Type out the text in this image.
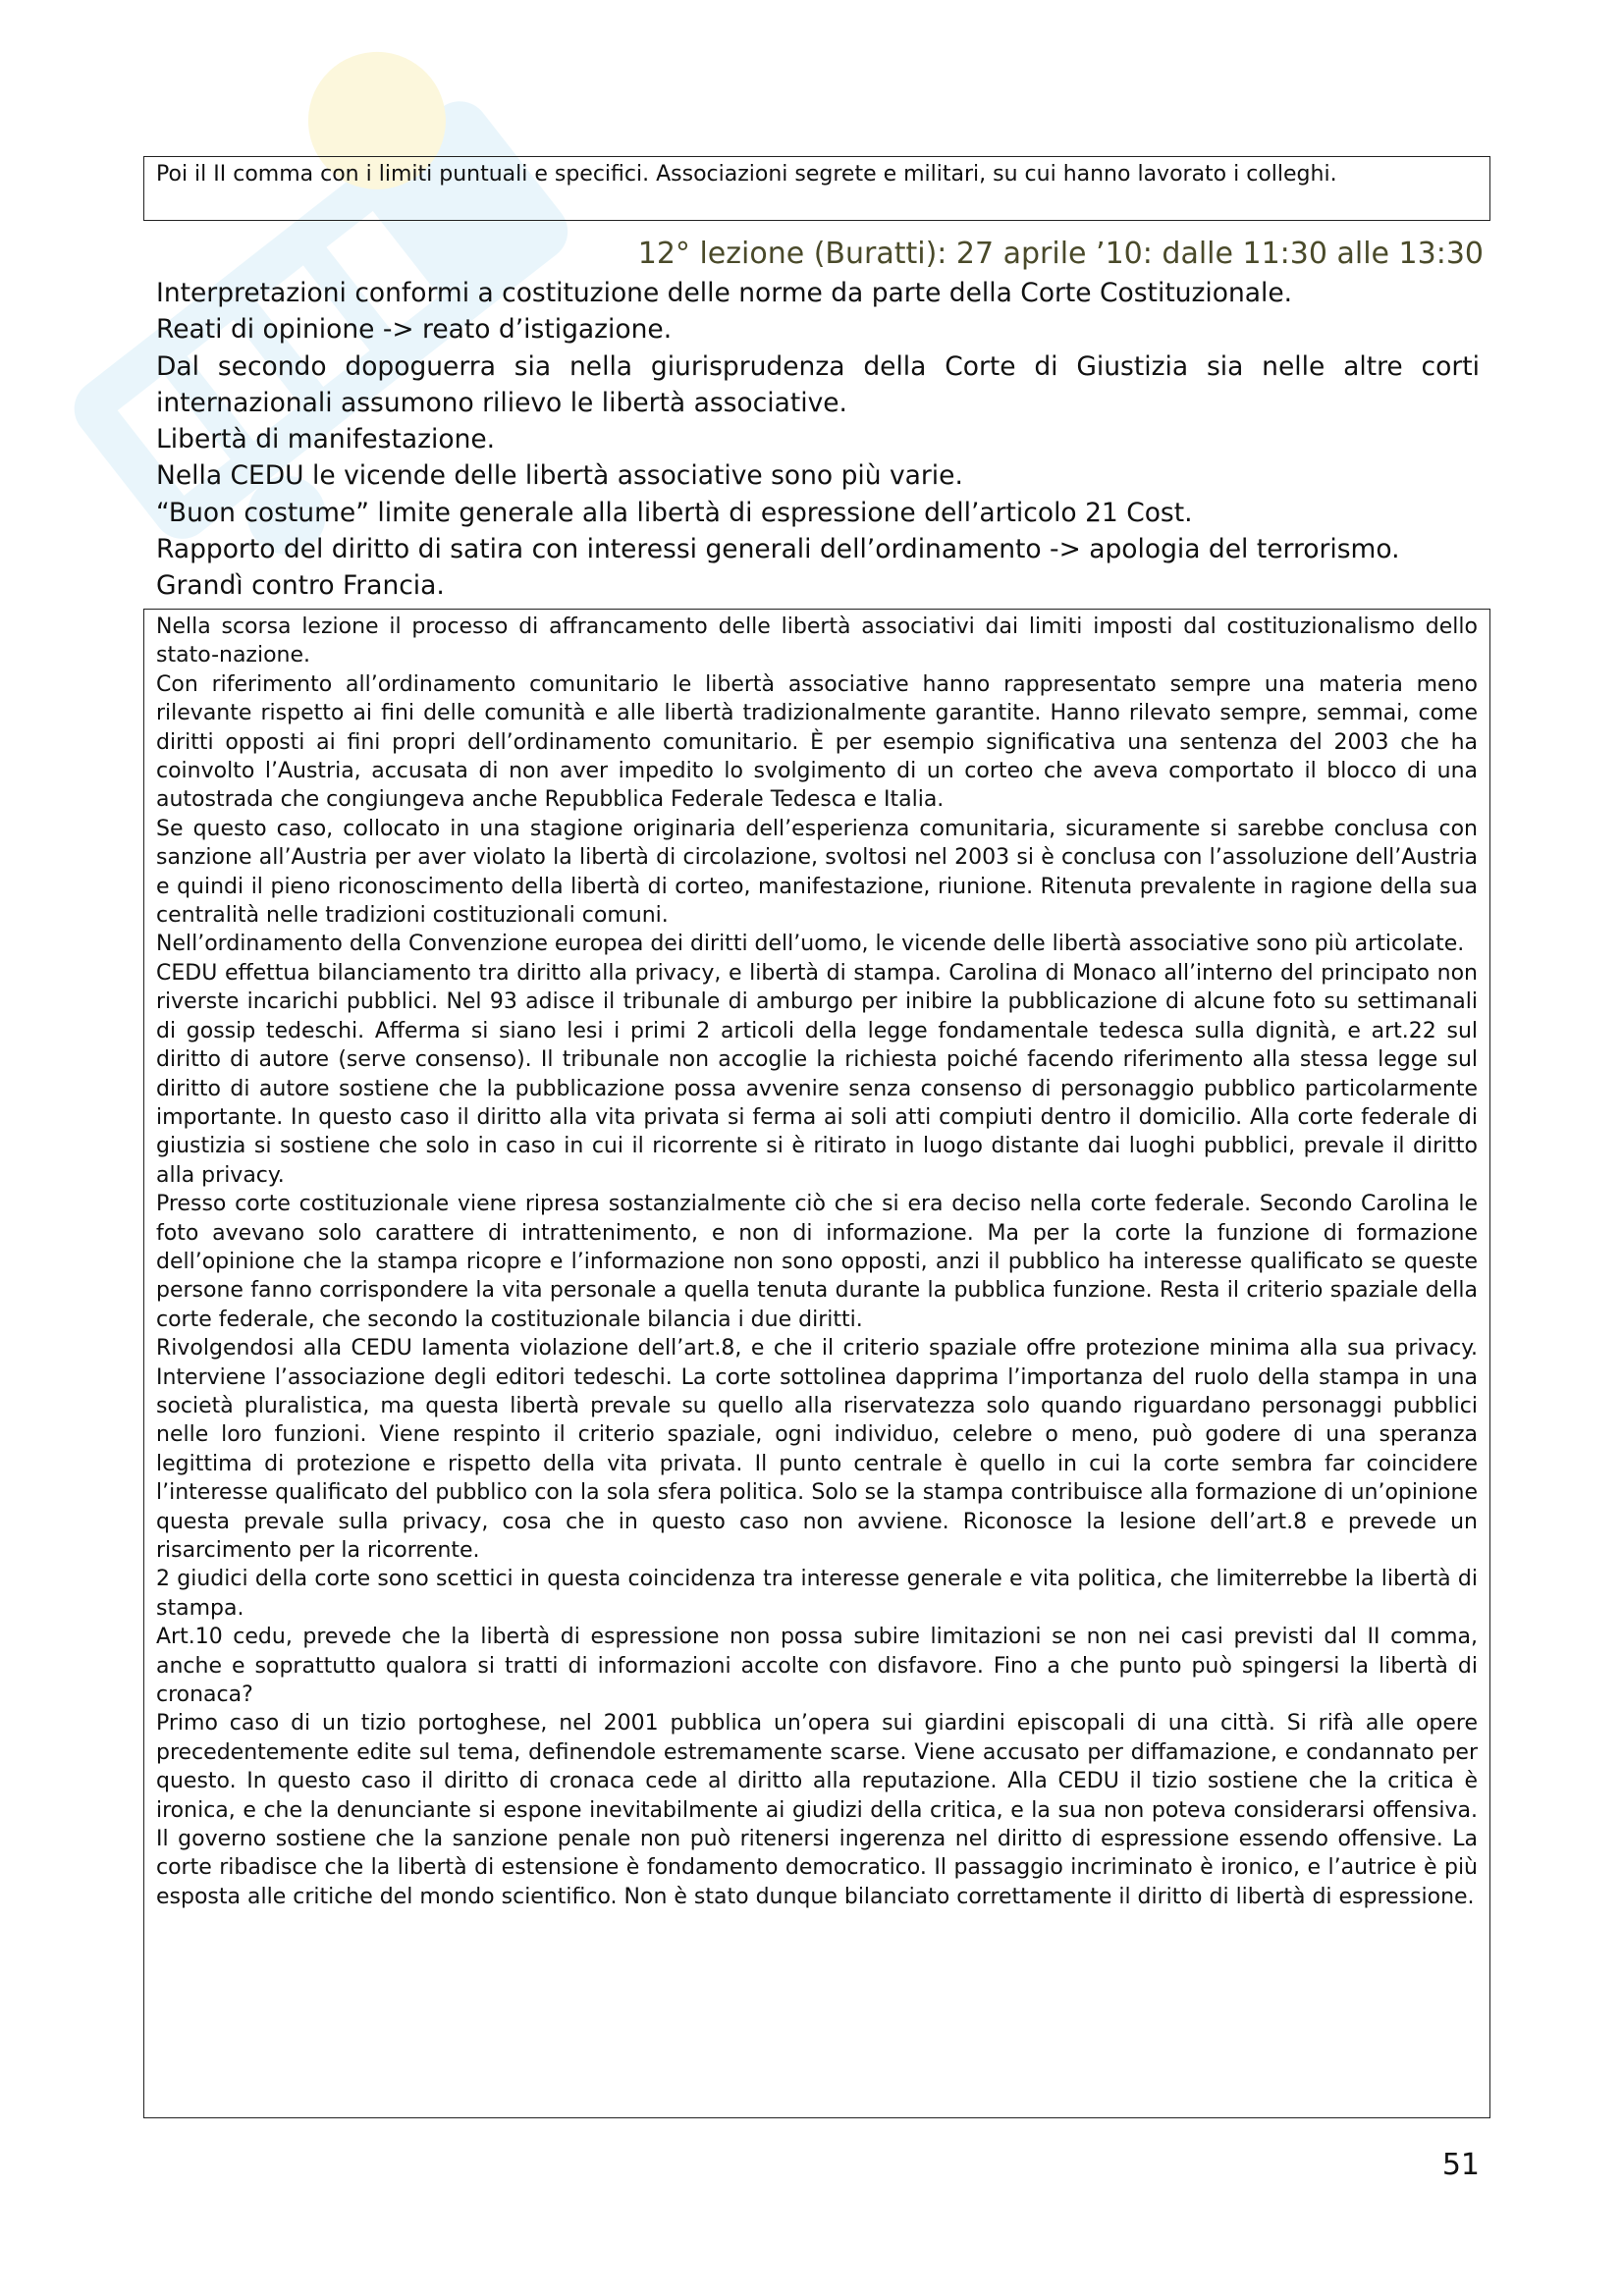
Poi il II comma con i limiti puntuali e specifici. Associazioni segrete e militari, su cui hanno lavorato i colleghi.

12° lezione (Buratti): 27 aprile ’10: dalle 11:30 alle 13:30

Interpretazioni conformi a costituzione delle norme da parte della Corte Costituzionale.

Reati di opinione -> reato d’istigazione.

Dal secondo dopoguerra sia nella giurisprudenza della Corte di Giustizia sia nelle altre corti internazionali assumono rilievo le libertà associative.

Libertà di manifestazione.

Nella CEDU le vicende delle libertà associative sono più varie.

“Buon costume” limite generale alla libertà di espressione dell’articolo 21 Cost.

Rapporto del diritto di satira con interessi generali dell’ordinamento -> apologia del terrorismo.

Grandì contro Francia.

Nella scorsa lezione il processo di affrancamento delle libertà associativi dai limiti imposti dal costituzionalismo dello stato-nazione.

Con riferimento all’ordinamento comunitario le libertà associative hanno rappresentato sempre una materia meno rilevante rispetto ai fini delle comunità e alle libertà tradizionalmente garantite. Hanno rilevato sempre, semmai, come diritti opposti ai fini propri dell’ordinamento comunitario. È per esempio significativa una sentenza del 2003 che ha coinvolto l’Austria, accusata di non aver impedito lo svolgimento di un corteo che aveva comportato il blocco di una autostrada che congiungeva anche Repubblica Federale Tedesca e Italia.

Se questo caso, collocato in una stagione originaria dell’esperienza comunitaria, sicuramente si sarebbe conclusa con sanzione all’Austria per aver violato la libertà di circolazione, svoltosi nel 2003 si è conclusa con l’assoluzione dell’Austria e quindi il pieno riconoscimento della libertà di corteo, manifestazione, riunione. Ritenuta prevalente in ragione della sua centralità nelle tradizioni costituzionali comuni.

Nell’ordinamento della Convenzione europea dei diritti dell’uomo, le vicende delle libertà associative sono più articolate.

CEDU effettua bilanciamento tra diritto alla privacy, e libertà di stampa. Carolina di Monaco all’interno del principato non riverste incarichi pubblici. Nel 93 adisce il tribunale di amburgo per inibire la pubblicazione di alcune foto su settimanali di gossip tedeschi. Afferma si siano lesi i primi 2 articoli della legge fondamentale tedesca sulla dignità, e art.22 sul diritto di autore (serve consenso). Il tribunale non accoglie la richiesta poiché facendo riferimento alla stessa legge sul diritto di autore sostiene che la pubblicazione possa avvenire senza consenso di personaggio pubblico particolarmente importante. In questo caso il diritto alla vita privata si ferma ai soli atti compiuti dentro il domicilio. Alla corte federale di giustizia si sostiene che solo in caso in cui il ricorrente si è ritirato in luogo distante dai luoghi pubblici, prevale il diritto alla privacy.

Presso corte costituzionale viene ripresa sostanzialmente ciò che si era deciso nella corte federale. Secondo Carolina le foto avevano solo carattere di intrattenimento, e non di informazione. Ma per la corte la funzione di formazione dell’opinione che la stampa ricopre e l’informazione non sono opposti, anzi il pubblico ha interesse qualificato se queste persone fanno corrispondere la vita personale a quella tenuta durante la pubblica funzione. Resta il criterio spaziale della corte federale, che secondo la costituzionale bilancia i due diritti.

Rivolgendosi alla CEDU lamenta violazione dell’art.8, e che il criterio spaziale offre protezione minima alla sua privacy. Interviene l’associazione degli editori tedeschi. La corte sottolinea dapprima l’importanza del ruolo della stampa in una società pluralistica, ma questa libertà prevale su quello alla riservatezza solo quando riguardano personaggi pubblici nelle loro funzioni. Viene respinto il criterio spaziale, ogni individuo, celebre o meno, può godere di una speranza legittima di protezione e rispetto della vita privata. Il punto centrale è quello in cui la corte sembra far coincidere l’interesse qualificato del pubblico con la sola sfera politica. Solo se la stampa contribuisce alla formazione di un’opinione questa prevale sulla privacy, cosa che in questo caso non avviene. Riconosce la lesione dell’art.8 e prevede un risarcimento per la ricorrente.

2 giudici della corte sono scettici in questa coincidenza tra interesse generale e vita politica, che limiterrebbe la libertà di stampa.

Art.10 cedu, prevede che la libertà di espressione non possa subire limitazioni se non nei casi previsti dal II comma, anche e soprattutto qualora si tratti di informazioni accolte con disfavore. Fino a che punto può spingersi la libertà di cronaca?

Primo caso di un tizio portoghese, nel 2001 pubblica un’opera sui giardini episcopali di una città. Si rifà alle opere precedentemente edite sul tema, definendole estremamente scarse. Viene accusato per diffamazione, e condannato per questo. In questo caso il diritto di cronaca cede al diritto alla reputazione. Alla CEDU il tizio sostiene che la critica è ironica, e che la denunciante si espone inevitabilmente ai giudizi della critica, e la sua non poteva considerarsi offensiva. Il governo sostiene che la sanzione penale non può ritenersi ingerenza nel diritto di espressione essendo offensive. La corte ribadisce che la libertà di estensione è fondamento democratico. Il passaggio incriminato è ironico, e l’autrice è più esposta alle critiche del mondo scientifico. Non è stato dunque bilanciato correttamente il diritto di libertà di espressione.

51
